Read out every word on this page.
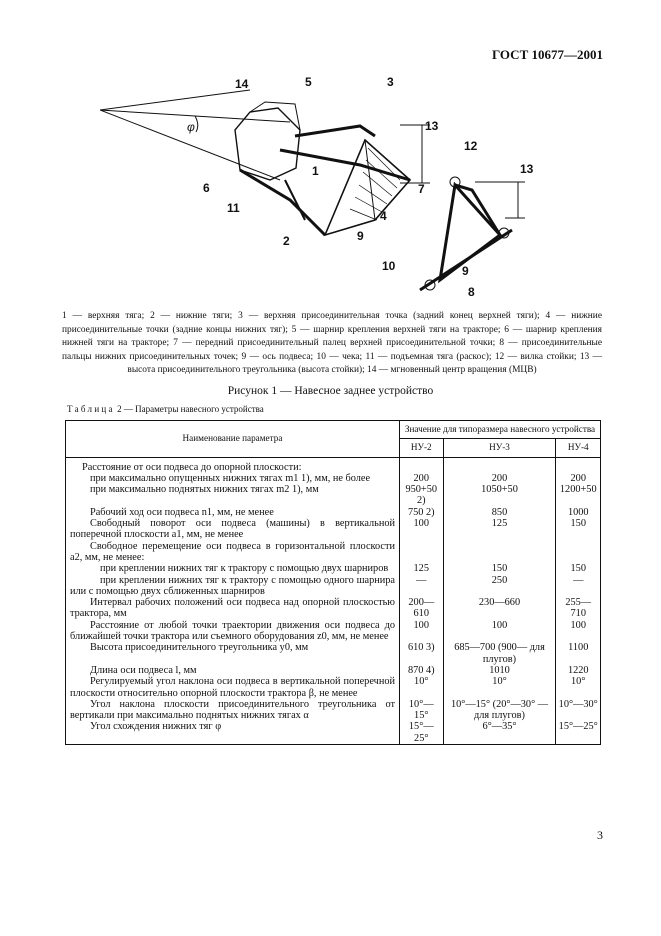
ГОСТ 10677—2001
14	5	3
13
1
6
11
2	9
4
12
13
7
10	9
8
φ
1 — верхняя тяга; 2 — нижние тяги; 3 — верхняя присоединительная точка (задний конец верхней тяги); 4 — нижние присоединительные точки (задние концы нижних тяг); 5 — шарнир крепления верхней тяги на тракторе; 6 — шарнир крепления нижней тяги на тракторе; 7 — передний присоединительный палец верхней присоединительной точки; 8 — присоединительные пальцы нижних присоединительных точек; 9 — ось подвеса; 10 — чека; 11 — подъемная тяга (раскос); 12 — вилка стойки; 13 — высота присоединительного треугольника (высота стойки); 14 — мгновенный центр вращения (МЦВ)
Рисунок 1 — Навесное заднее устройство
Таблица 2 — Параметры навесного устройства
Наименование параметра	Значение для типоразмера навесного устройства		
	НУ-2	НУ-3	НУ-4
Расстояние от оси подвеса до опорной плоскости:			
при максимально опущенных нижних тягах m1 1), мм, не более	200	200	200
при максимально поднятых нижних тягах m2 1), мм	950+50 2)	1050+50	1200+50
Рабочий ход оси подвеса n1, мм, не менее	750 2)	850	1000
Свободный поворот оси подвеса (машины) в вертикальной поперечной плоскости a1, мм, не менее	100	125	150
Свободное перемещение оси подвеса в горизонтальной плоскости a2, мм, не менее:			
при креплении нижних тяг к трактору с помощью двух шарниров	125	150	150
при креплении нижних тяг к трактору с помощью одного шарнира или с помощью двух сближенных шарниров	—	250	—
Интервал рабочих положений оси подвеса над опорной плоскостью трактора, мм	200—610	230—660	255—710
Расстояние от любой точки траектории движения оси подвеса до ближайшей точки трактора или съемного оборудования z0, мм, не менее	100	100	100
Высота присоединительного треугольника y0, мм	610 3)	685—700 (900— для плугов)	1100
Длина оси подвеса l, мм	870 4)	1010	1220
Регулируемый угол наклона оси подвеса в вертикальной поперечной плоскости относительно опорной плоскости трактора β, не менее	10°	10°	10°
Угол наклона плоскости присоединительного треугольника от вертикали при максимально поднятых нижних тягах α	10°—15°	10°—15° (20°—30° — для плугов)	10°—30°
Угол схождения нижних тяг φ	15°—25°	6°—35°	15°—25°
3
